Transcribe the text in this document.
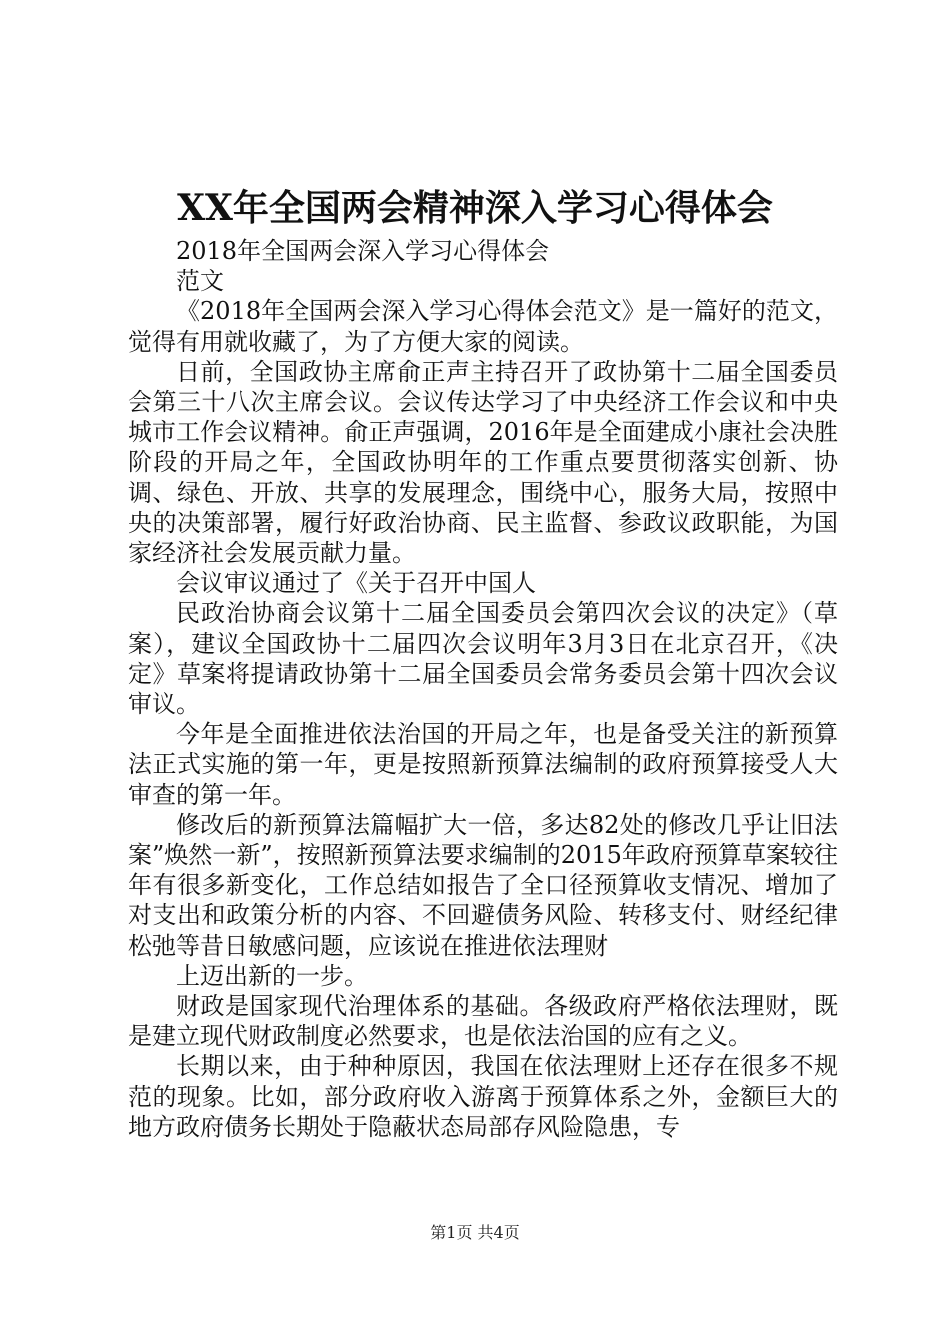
XX年全国两会精神深入学习心得体会

2018年全国两会深入学习心得体会

范文

《2018年全国两会深入学习心得体会范文》是一篇好的范文，觉得有用就收藏了，为了方便大家的阅读。

日前，全国政协主席俞正声主持召开了政协第十二届全国委员会第三十八次主席会议。会议传达学习了中央经济工作会议和中央城市工作会议精神。俞正声强调，2016年是全面建成小康社会决胜阶段的开局之年，全国政协明年的工作重点要贯彻落实创新、协调、绿色、开放、共享的发展理念，围绕中心，服务大局，按照中央的决策部署，履行好政治协商、民主监督、参政议政职能，为国家经济社会发展贡献力量。

会议审议通过了《关于召开中国人

民政治协商会议第十二届全国委员会第四次会议的决定》（草案），建议全国政协十二届四次会议明年3月3日在北京召开，《决定》草案将提请政协第十二届全国委员会常务委员会第十四次会议审议。

今年是全面推进依法治国的开局之年，也是备受关注的新预算法正式实施的第一年，更是按照新预算法编制的政府预算接受人大审查的第一年。

修改后的新预算法篇幅扩大一倍，多达82处的修改几乎让旧法案”焕然一新”，按照新预算法要求编制的2015年政府预算草案较往年有很多新变化，工作总结如报告了全口径预算收支情况、增加了对支出和政策分析的内容、不回避债务风险、转移支付、财经纪律松弛等昔日敏感问题，应该说在推进依法理财

上迈出新的一步。

财政是国家现代治理体系的基础。各级政府严格依法理财，既是建立现代财政制度必然要求，也是依法治国的应有之义。

长期以来，由于种种原因，我国在依法理财上还存在很多不规范的现象。比如，部分政府收入游离于预算体系之外，金额巨大的地方政府债务长期处于隐蔽状态局部存风险隐患，专

第1页 共4页
